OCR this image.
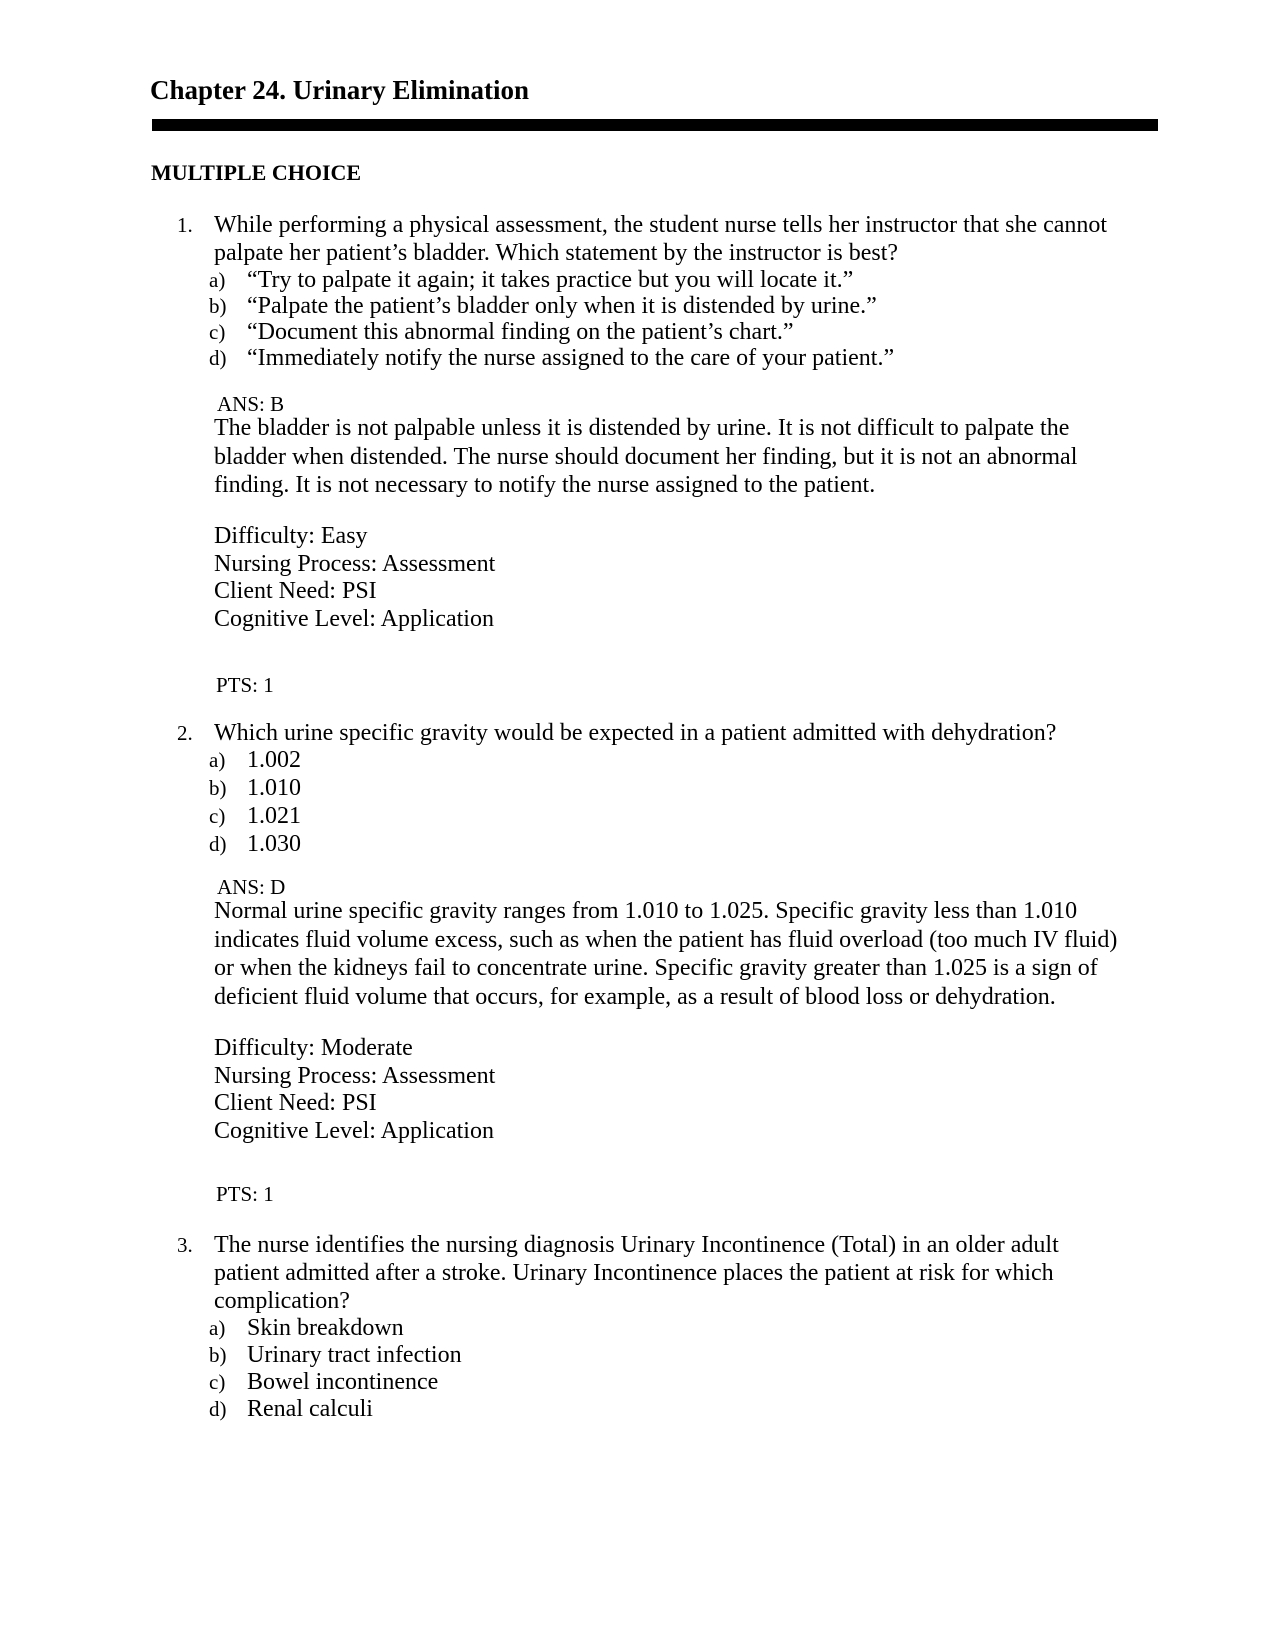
Chapter 24. Urinary Elimination
MULTIPLE CHOICE
1. While performing a physical assessment, the student nurse tells her instructor that she cannot
palpate her patient’s bladder. Which statement by the instructor is best?
a) “Try to palpate it again; it takes practice but you will locate it.”
b) “Palpate the patient’s bladder only when it is distended by urine.”
c) “Document this abnormal finding on the patient’s chart.”
d) “Immediately notify the nurse assigned to the care of your patient.”
ANS: B
The bladder is not palpable unless it is distended by urine. It is not difficult to palpate the
bladder when distended. The nurse should document her finding, but it is not an abnormal
finding. It is not necessary to notify the nurse assigned to the patient.
Difficulty: Easy
Nursing Process: Assessment
Client Need: PSI
Cognitive Level: Application
PTS: 1
2. Which urine specific gravity would be expected in a patient admitted with dehydration?
a) 1.002
b) 1.010
c) 1.021
d) 1.030
ANS: D
Normal urine specific gravity ranges from 1.010 to 1.025. Specific gravity less than 1.010
indicates fluid volume excess, such as when the patient has fluid overload (too much IV fluid)
or when the kidneys fail to concentrate urine. Specific gravity greater than 1.025 is a sign of
deficient fluid volume that occurs, for example, as a result of blood loss or dehydration.
Difficulty: Moderate
Nursing Process: Assessment
Client Need: PSI
Cognitive Level: Application
PTS: 1
3. The nurse identifies the nursing diagnosis Urinary Incontinence (Total) in an older adult
patient admitted after a stroke. Urinary Incontinence places the patient at risk for which
complication?
a) Skin breakdown
b) Urinary tract infection
c) Bowel incontinence
d) Renal calculi
